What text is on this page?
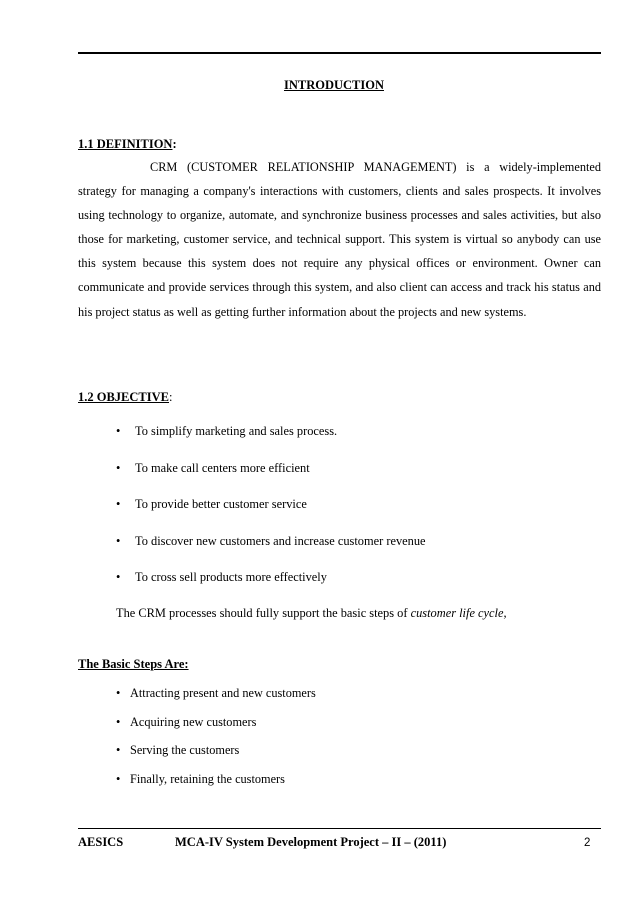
INTRODUCTION
1.1 DEFINITION:
CRM (CUSTOMER RELATIONSHIP MANAGEMENT) is a widely-implemented strategy for managing a company's interactions with customers, clients and sales prospects. It involves using technology to organize, automate, and synchronize business processes and sales activities, but also those for marketing, customer service, and technical support. This system is virtual so anybody can use this system because this system does not require any physical offices or environment. Owner can communicate and provide services through this system, and also client can access and track his status and his project status as well as getting further information about the projects and new systems.
1.2 OBJECTIVE:
• To simplify marketing and sales process.
• To make call centers more efficient
• To provide better customer service
• To discover new customers and increase customer revenue
• To cross sell products more effectively
The CRM processes should fully support the basic steps of customer life cycle,
The Basic Steps Are:
• Attracting present and new customers
• Acquiring new customers
• Serving the customers
• Finally, retaining the customers
AESICS	MCA-IV System Development Project – II – (2011)	2
